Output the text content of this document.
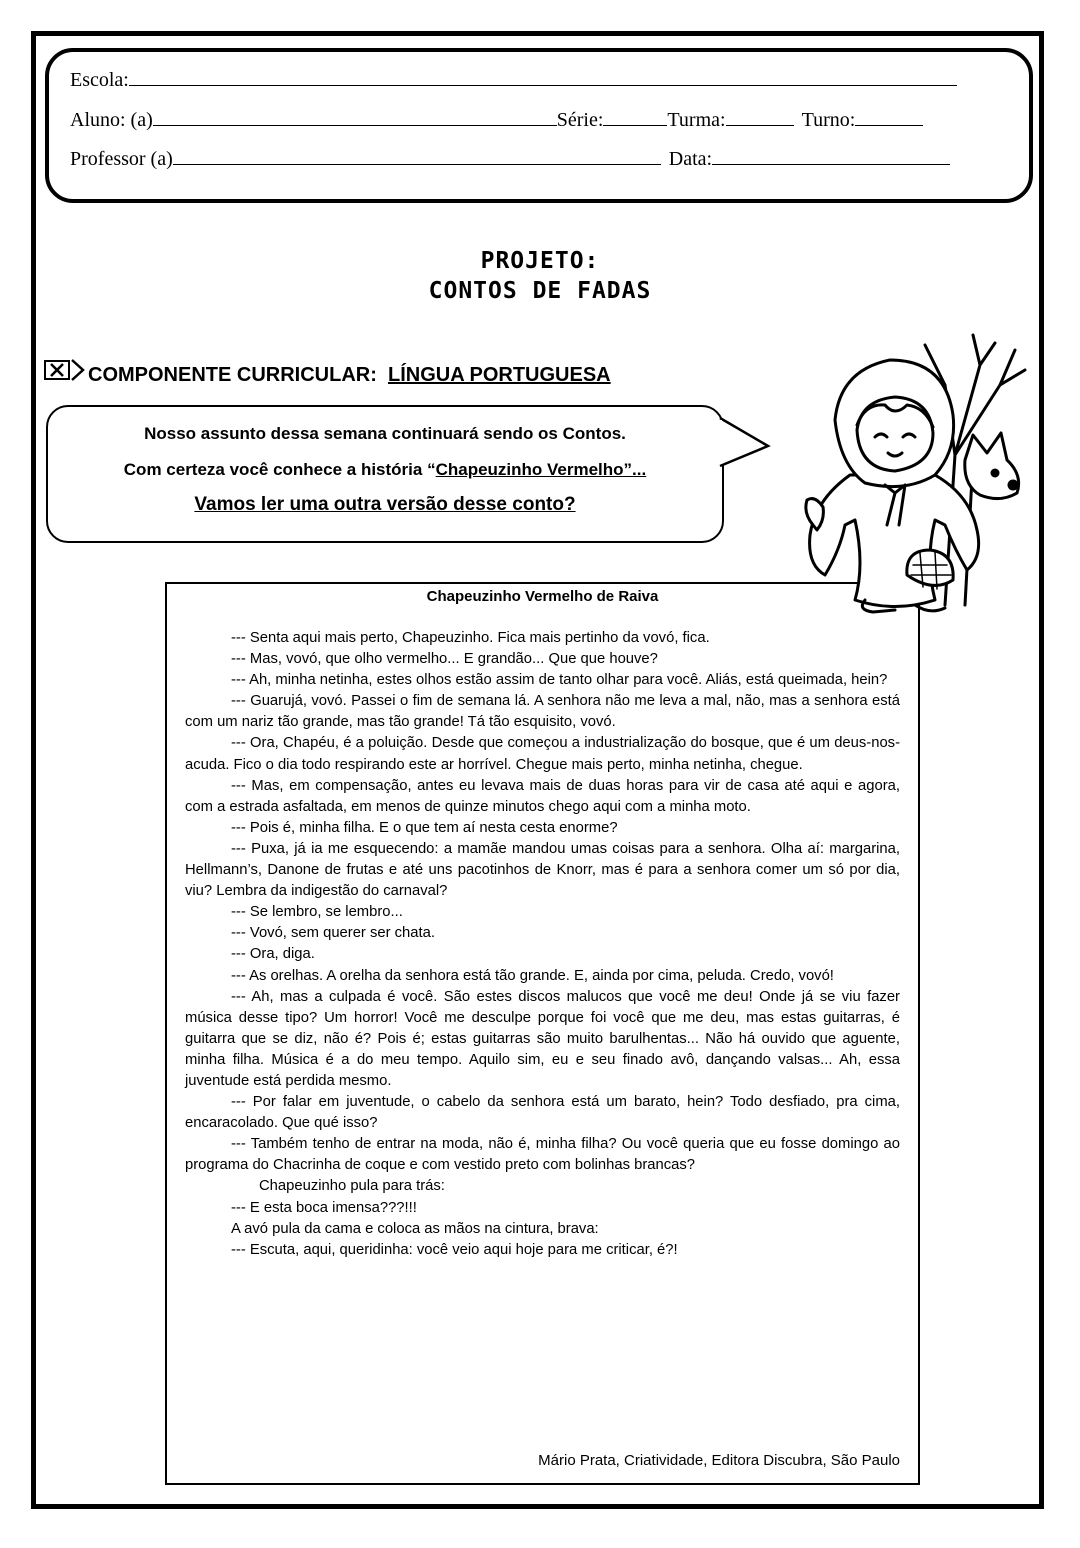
Escola:
Aluno: (a)	Série:	Turma:	Turno:
Professor (a)	Data:
PROJETO:
CONTOS DE FADAS
COMPONENTE CURRICULAR: LÍNGUA PORTUGUESA
Nosso assunto dessa semana continuará sendo os Contos.
Com certeza você conhece a história “Chapeuzinho Vermelho”...
Vamos ler uma outra versão desse conto?
Chapeuzinho Vermelho de Raiva

--- Senta aqui mais perto, Chapeuzinho. Fica mais pertinho da vovó, fica.

--- Mas, vovó, que olho vermelho... E grandão... Que que houve?

--- Ah, minha netinha, estes olhos estão assim de tanto olhar para você. Aliás, está queimada, hein?

--- Guarujá, vovó. Passei o fim de semana lá. A senhora não me leva a mal, não, mas a senhora está com um nariz tão grande, mas tão grande! Tá tão esquisito, vovó.

--- Ora, Chapéu, é a poluição. Desde que começou a industrialização do bosque, que é um deus-nos-acuda. Fico o dia todo respirando este ar horrível. Chegue mais perto, minha netinha, chegue.

--- Mas, em compensação, antes eu levava mais de duas horas para vir de casa até aqui e agora, com a estrada asfaltada, em menos de quinze minutos chego aqui com a minha moto.

--- Pois é, minha filha. E o que tem aí nesta cesta enorme?

--- Puxa, já ia me esquecendo: a mamãe mandou umas coisas para a senhora. Olha aí: margarina, Hellmann’s, Danone de frutas e até uns pacotinhos de Knorr, mas é para a senhora comer um só por dia, viu? Lembra da indigestão do carnaval?

--- Se lembro, se lembro...

--- Vovó, sem querer ser chata.

--- Ora, diga.

--- As orelhas. A orelha da senhora está tão grande. E, ainda por cima, peluda. Credo, vovó!

--- Ah, mas a culpada é você. São estes discos malucos que você me deu! Onde já se viu fazer música desse tipo? Um horror! Você me desculpe porque foi você que me deu, mas estas guitarras, é guitarra que se diz, não é? Pois é; estas guitarras são muito barulhentas... Não há ouvido que aguente, minha filha. Música é a do meu tempo. Aquilo sim, eu e seu finado avô, dançando valsas... Ah, essa juventude está perdida mesmo.

--- Por falar em juventude, o cabelo da senhora está um barato, hein? Todo desfiado, pra cima, encaracolado. Que qué isso?

--- Também tenho de entrar na moda, não é, minha filha? Ou você queria que eu fosse domingo ao programa do Chacrinha de coque e com vestido preto com bolinhas brancas?

Chapeuzinho pula para trás:

--- E esta boca imensa???!!!

A avó pula da cama e coloca as mãos na cintura, brava:

--- Escuta, aqui, queridinha: você veio aqui hoje para me criticar, é?!

Mário Prata, Criatividade, Editora Discubra, São Paulo
